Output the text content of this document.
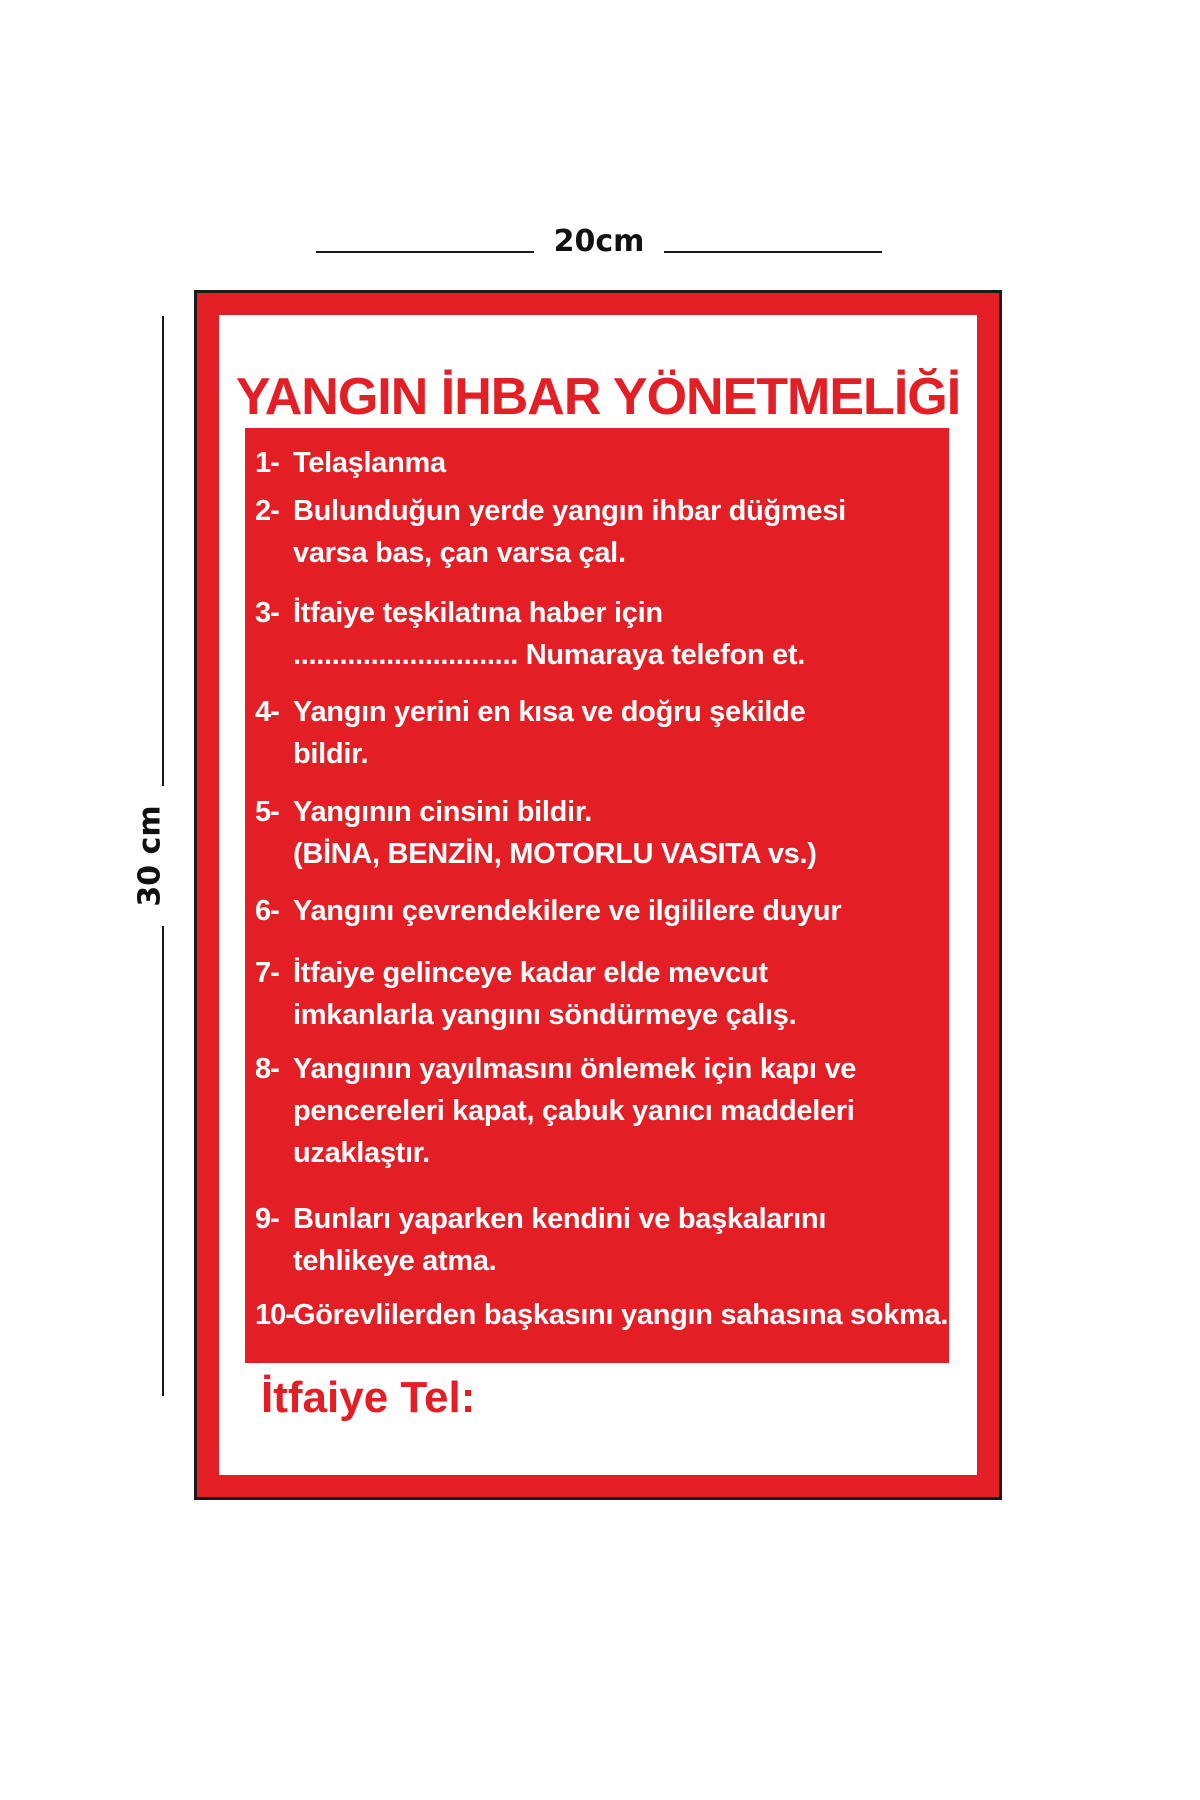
20cm
30 cm
YANGIN İHBAR YÖNETMELİĞİ
1- Telaşlanma
2- Bulunduğun yerde yangın ihbar düğmesi
varsa bas, çan varsa çal.
3- İtfaiye teşkilatına haber için
............................. Numaraya telefon et.
4- Yangın yerini en kısa ve doğru şekilde
bildir.
5- Yangının cinsini bildir.
(BİNA, BENZİN, MOTORLU VASITA vs.)
6- Yangını çevrendekilere ve ilgililere duyur
7- İtfaiye gelinceye kadar elde mevcut
imkanlarla yangını söndürmeye çalış.
8- Yangının yayılmasını önlemek için kapı ve
pencereleri kapat, çabuk yanıcı maddeleri
uzaklaştır.
9- Bunları yaparken kendini ve başkalarını
tehlikeye atma.
10- Görevlilerden başkasını yangın sahasına sokma.
İtfaiye Tel:
